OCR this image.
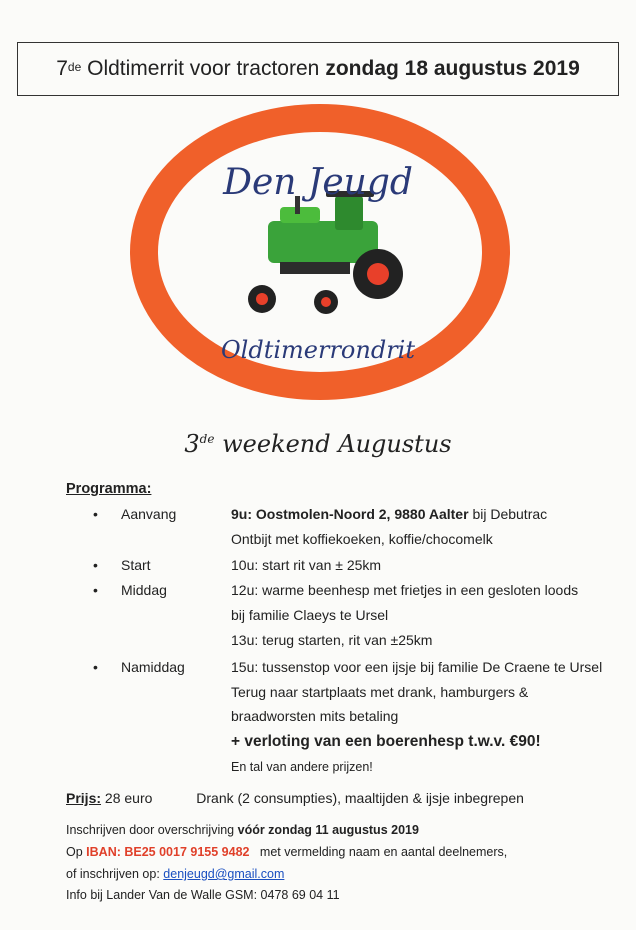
7de
Oldtimerrit voor tractoren zondag 18 augustus 2019
Den Jeugd
Oldtimerrondrit
3de weekend Augustus
Programma:
• Aanvang	9u: Oostmolen-Noord 2, 9880 Aalter bij Debutrac
Ontbijt met koffiekoeken, koffie/chocomelk
• Start	10u: start rit van ± 25km
• Middag	12u: warme beenhesp met frietjes in een gesloten loods
bij familie Claeys te Ursel
13u: terug starten, rit van ±25km
• Namiddag	15u: tussenstop voor een ijsje bij familie De Craene te Ursel
Terug naar startplaats met drank, hamburgers &
braadworsten mits betaling
+ verloting van een boerenhesp t.w.v. €90!
En tal van andere prijzen!
Prijs: 28 euro	Drank (2 consumpties), maaltijden & ijsje inbegrepen
Inschrijven door overschrijving vóór zondag 11 augustus 2019
Op IBAN: BE25 0017 9155 9482 met vermelding naam en aantal deelnemers,
of inschrijven op: denjeugd@gmail.com
Info bij Lander Van de Walle GSM: 0478 69 04 11
